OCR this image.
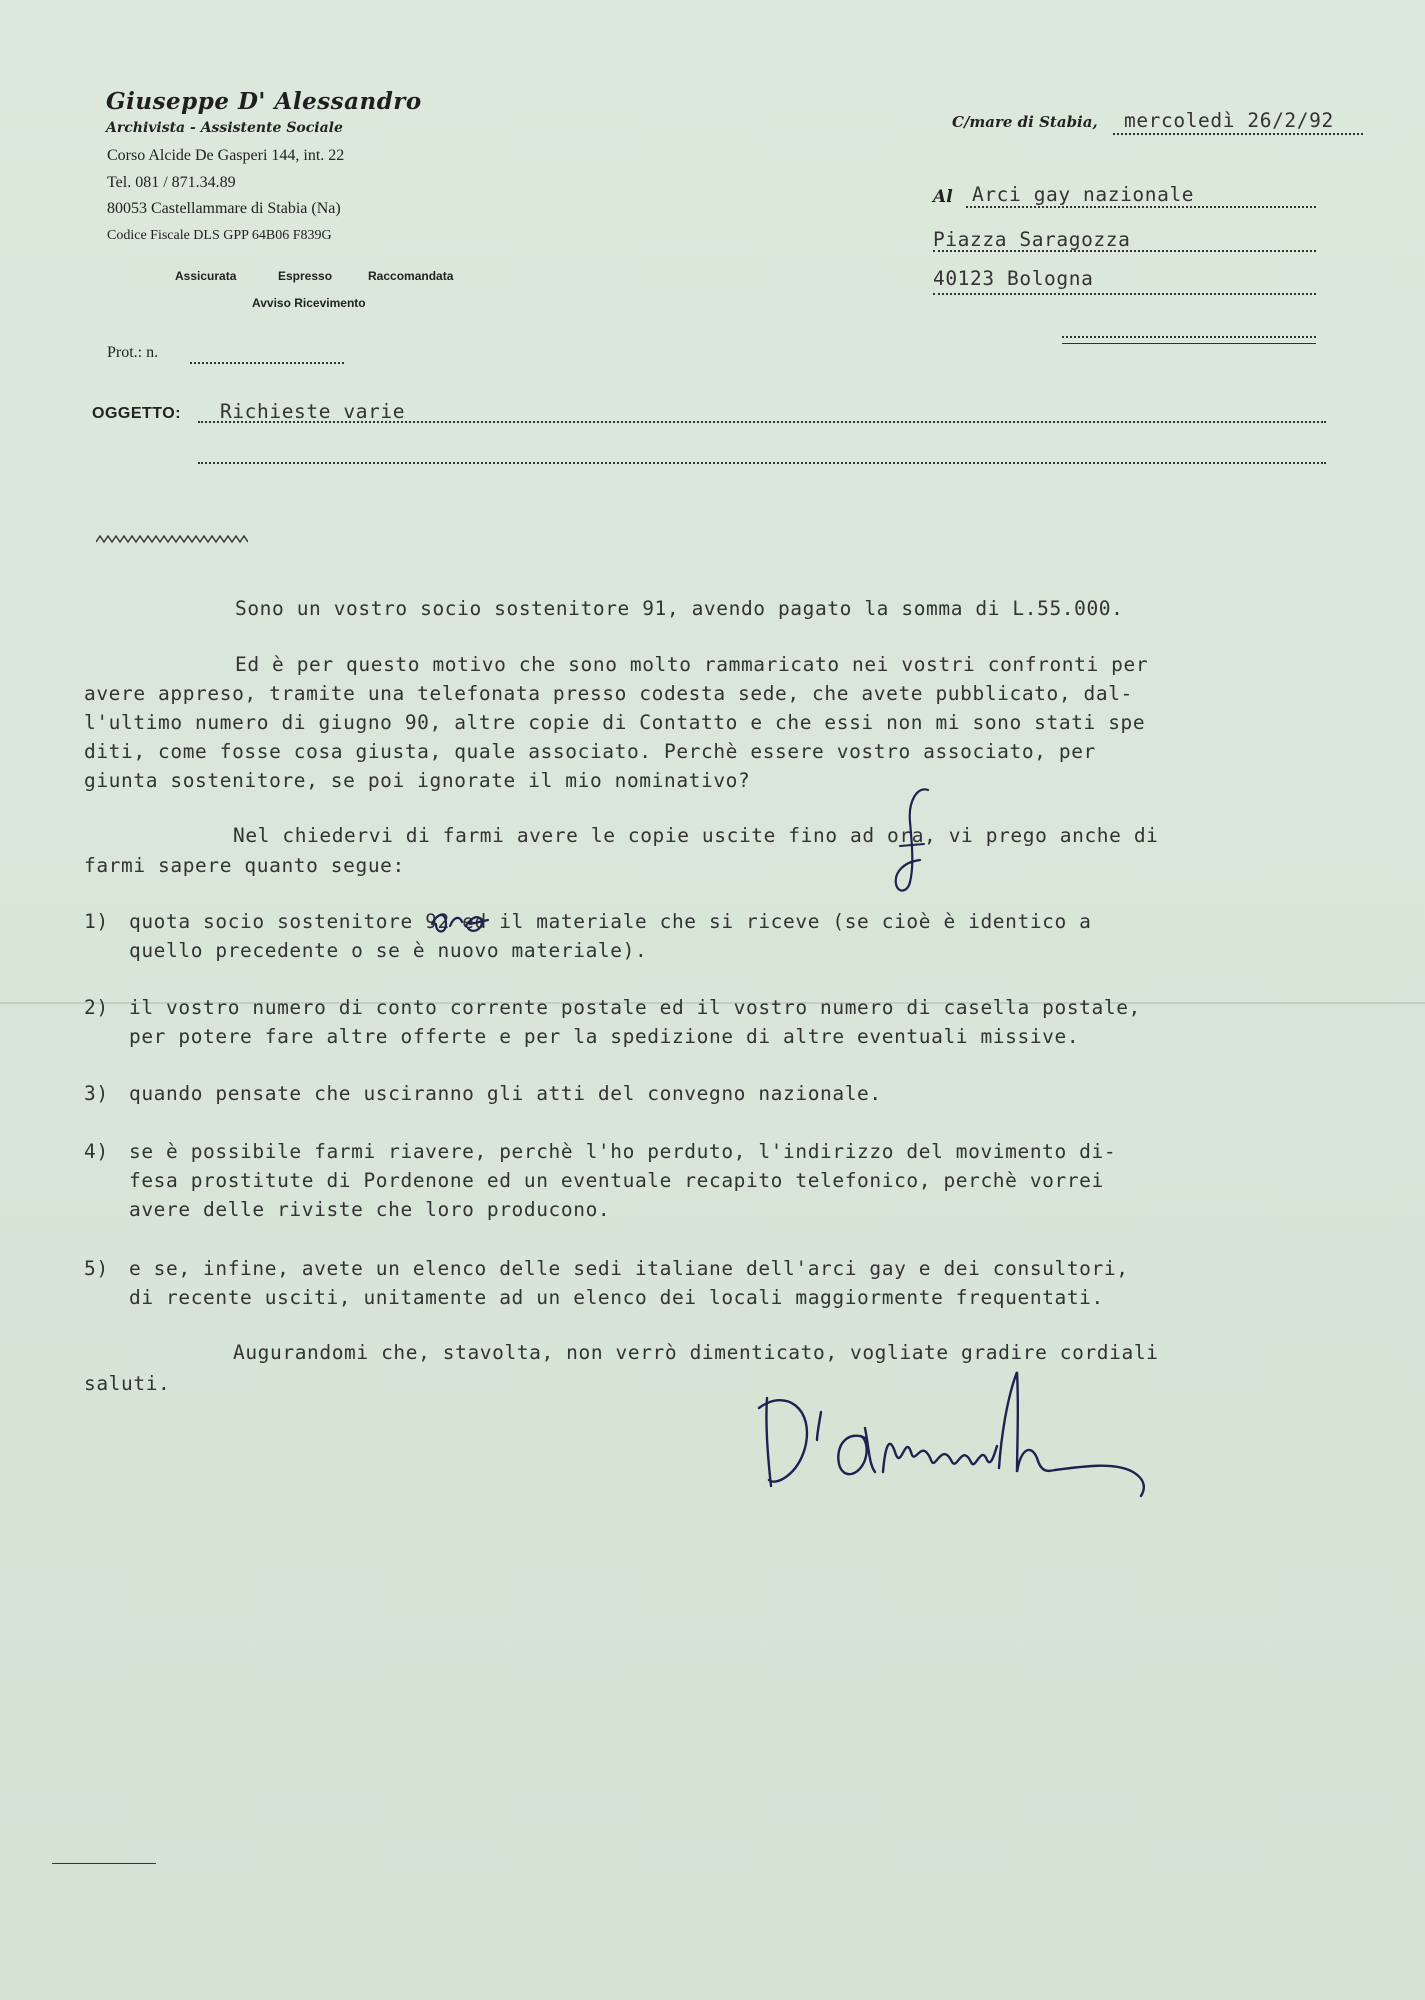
Giuseppe D' Alessandro
Archivista - Assistente Sociale
Corso Alcide De Gasperi 144, int. 22
Tel. 081 / 871.34.89
80053 Castellammare di Stabia (Na)
Codice Fiscale DLS GPP 64B06 F839G
Assicurata	Espresso	Raccomandata
Avviso Ricevimento
Prot.: n.
C/mare di Stabia, mercoledì 26/2/92
Al Arci gay nazionale
Piazza Saragozza
40123 Bologna
OGGETTO: Richieste varie
Sono un vostro socio sostenitore 91, avendo pagato la somma di L.55.000.
Ed è per questo motivo che sono molto rammaricato nei vostri confronti per
avere appreso, tramite una telefonata presso codesta sede, che avete pubblicato, dal-
l'ultimo numero di giugno 90, altre copie di Contatto e che essi non mi sono stati spe
diti, come fosse cosa giusta, quale associato. Perchè essere vostro associato, per
giunta sostenitore, se poi ignorate il mio nominativo?
Nel chiedervi di farmi avere le copie uscite fino ad ora, vi prego anche di
farmi sapere quanto segue:
1) quota socio sostenitore 92 ed il materiale che si riceve (se cioè è identico a
quello precedente o se è nuovo materiale).
2) il vostro numero di conto corrente postale ed il vostro numero di casella postale,
per potere fare altre offerte e per la spedizione di altre eventuali missive.
3) quando pensate che usciranno gli atti del convegno nazionale.
4) se è possibile farmi riavere, perchè l'ho perduto, l'indirizzo del movimento di-
fesa prostitute di Pordenone ed un eventuale recapito telefonico, perchè vorrei
avere delle riviste che loro producono.
5) e se, infine, avete un elenco delle sedi italiane dell'arci gay e dei consultori,
di recente usciti, unitamente ad un elenco dei locali maggiormente frequentati.
Augurandomi che, stavolta, non verrò dimenticato, vogliate gradire cordiali
saluti.
